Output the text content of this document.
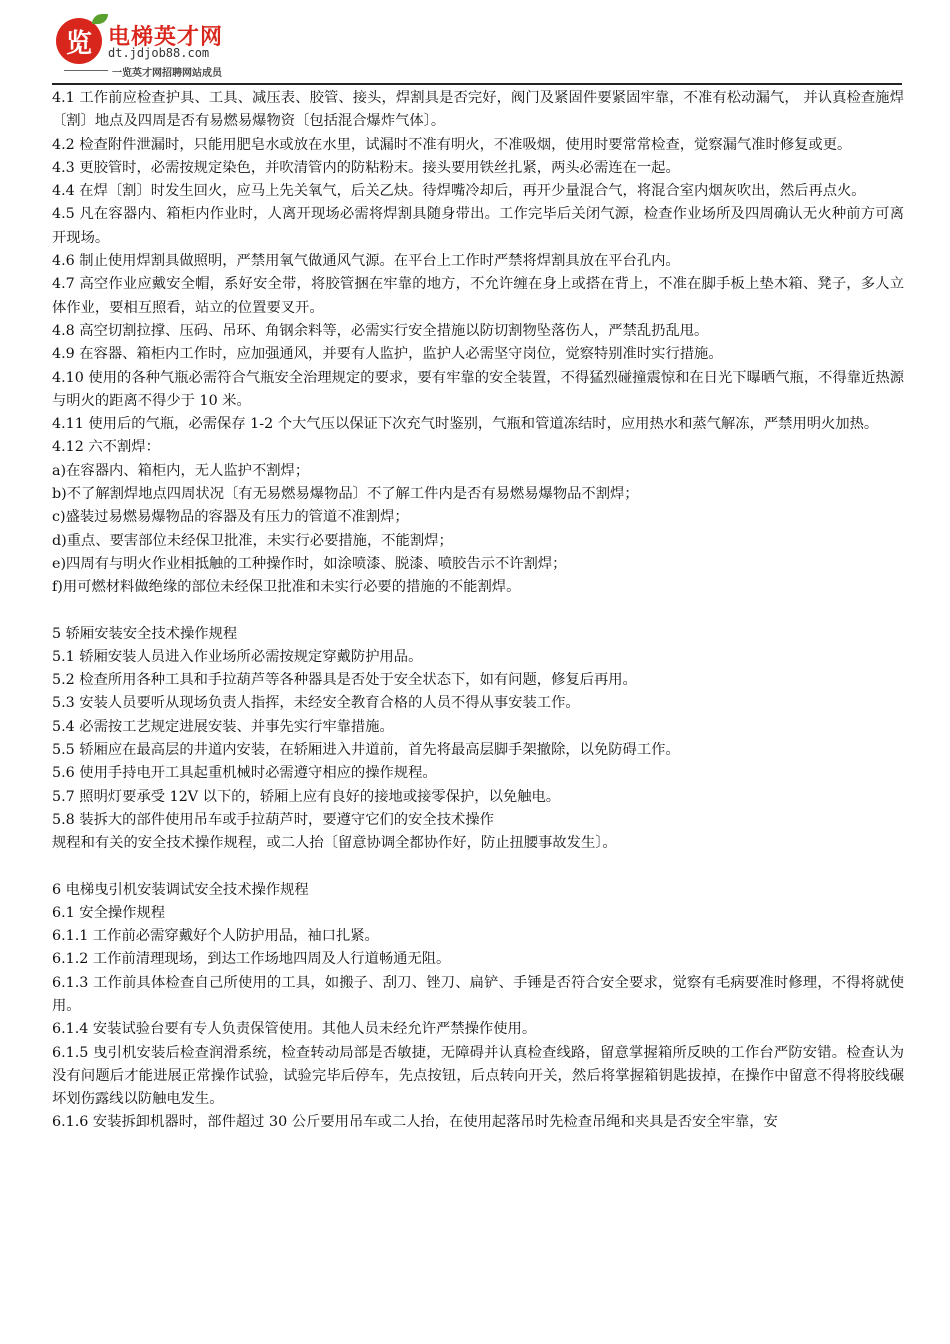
览 电梯英才网
dt.jdjob88.com
一览英才网招聘网站成员

4.1 工作前应检查护具、工具、减压表、胶管、接头，焊割具是否完好，阀门及紧固件要紧固牢靠，不准有松动漏气， 并认真检查施焊〔割〕地点及四周是否有易燃易爆物资〔包括混合爆炸气体〕。

4.2 检查附件泄漏时，只能用肥皂水或放在水里，试漏时不准有明火，不准吸烟，使用时要常常检查，觉察漏气准时修复或更。

4.3 更胶管时，必需按规定染色，并吹清管内的防粘粉末。接头要用铁丝扎紧，两头必需连在一起。

4.4 在焊〔割〕时发生回火，应马上先关氧气，后关乙炔。待焊嘴冷却后，再开少量混合气，将混合室内烟灰吹出，然后再点火。

4.5 凡在容器内、箱柜内作业时，人离开现场必需将焊割具随身带出。工作完毕后关闭气源，检查作业场所及四周确认无火种前方可离开现场。

4.6 制止使用焊割具做照明，严禁用氧气做通风气源。在平台上工作时严禁将焊割具放在平台孔内。

4.7 高空作业应戴安全帽，系好安全带，将胶管捆在牢靠的地方，不允许缠在身上或搭在背上，不准在脚手板上垫木箱、凳子，多人立体作业，要相互照看，站立的位置要叉开。

4.8 高空切割拉撑、压码、吊环、角钢余料等，必需实行安全措施以防切割物坠落伤人，严禁乱扔乱甩。

4.9 在容器、箱柜内工作时，应加强通风，并要有人监护，监护人必需坚守岗位，觉察特别准时实行措施。

4.10 使用的各种气瓶必需符合气瓶安全治理规定的要求，要有牢靠的安全装置，不得猛烈碰撞震惊和在日光下曝晒气瓶，不得靠近热源与明火的距离不得少于 10 米。

4.11 使用后的气瓶，必需保存 1-2 个大气压以保证下次充气时鉴别，气瓶和管道冻结时，应用热水和蒸气解冻，严禁用明火加热。

4.12 六不割焊：

a)在容器内、箱柜内，无人监护不割焊；

b)不了解割焊地点四周状况〔有无易燃易爆物品〕不了解工件内是否有易燃易爆物品不割焊；

c)盛装过易燃易爆物品的容器及有压力的管道不准割焊；

d)重点、要害部位未经保卫批准，未实行必要措施，不能割焊；

e)四周有与明火作业相抵触的工种操作时，如涂喷漆、脱漆、喷胶告示不许割焊；

f)用可燃材料做绝缘的部位未经保卫批准和未实行必要的措施的不能割焊。

5 轿厢安装安全技术操作规程

5.1 轿厢安装人员进入作业场所必需按规定穿戴防护用品。

5.2 检查所用各种工具和手拉葫芦等各种器具是否处于安全状态下，如有问题，修复后再用。

5.3 安装人员要听从现场负责人指挥，未经安全教育合格的人员不得从事安装工作。

5.4 必需按工艺规定进展安装、并事先实行牢靠措施。

5.5 轿厢应在最高层的井道内安装，在轿厢进入井道前，首先将最高层脚手架撤除，以免防碍工作。

5.6 使用手持电开工具起重机械时必需遵守相应的操作规程。

5.7 照明灯要承受 12V 以下的，轿厢上应有良好的接地或接零保护，以免触电。

5.8 装拆大的部件使用吊车或手拉葫芦时，要遵守它们的安全技术操作

规程和有关的安全技术操作规程，或二人抬〔留意协调全都协作好，防止扭腰事故发生〕。

6 电梯曳引机安装调试安全技术操作规程

6.1 安全操作规程

6.1.1 工作前必需穿戴好个人防护用品，袖口扎紧。

6.1.2 工作前清理现场，到达工作场地四周及人行道畅通无阻。

6.1.3 工作前具体检查自己所使用的工具，如搬子、刮刀、锉刀、扁铲、手锤是否符合安全要求，觉察有毛病要准时修理，不得将就使用。

6.1.4 安装试验台要有专人负责保管使用。其他人员未经允许严禁操作使用。

6.1.5 曳引机安装后检查润滑系统，检查转动局部是否敏捷，无障碍并认真检查线路，留意掌握箱所反映的工作台严防安错。检查认为没有问题后才能进展正常操作试验，试验完毕后停车，先点按钮，后点转向开关，然后将掌握箱钥匙拔掉，在操作中留意不得将胶线碾坏划伤露线以防触电发生。

6.1.6 安装拆卸机器时，部件超过 30 公斤要用吊车或二人抬，在使用起落吊时先检查吊绳和夹具是否安全牢靠，安
